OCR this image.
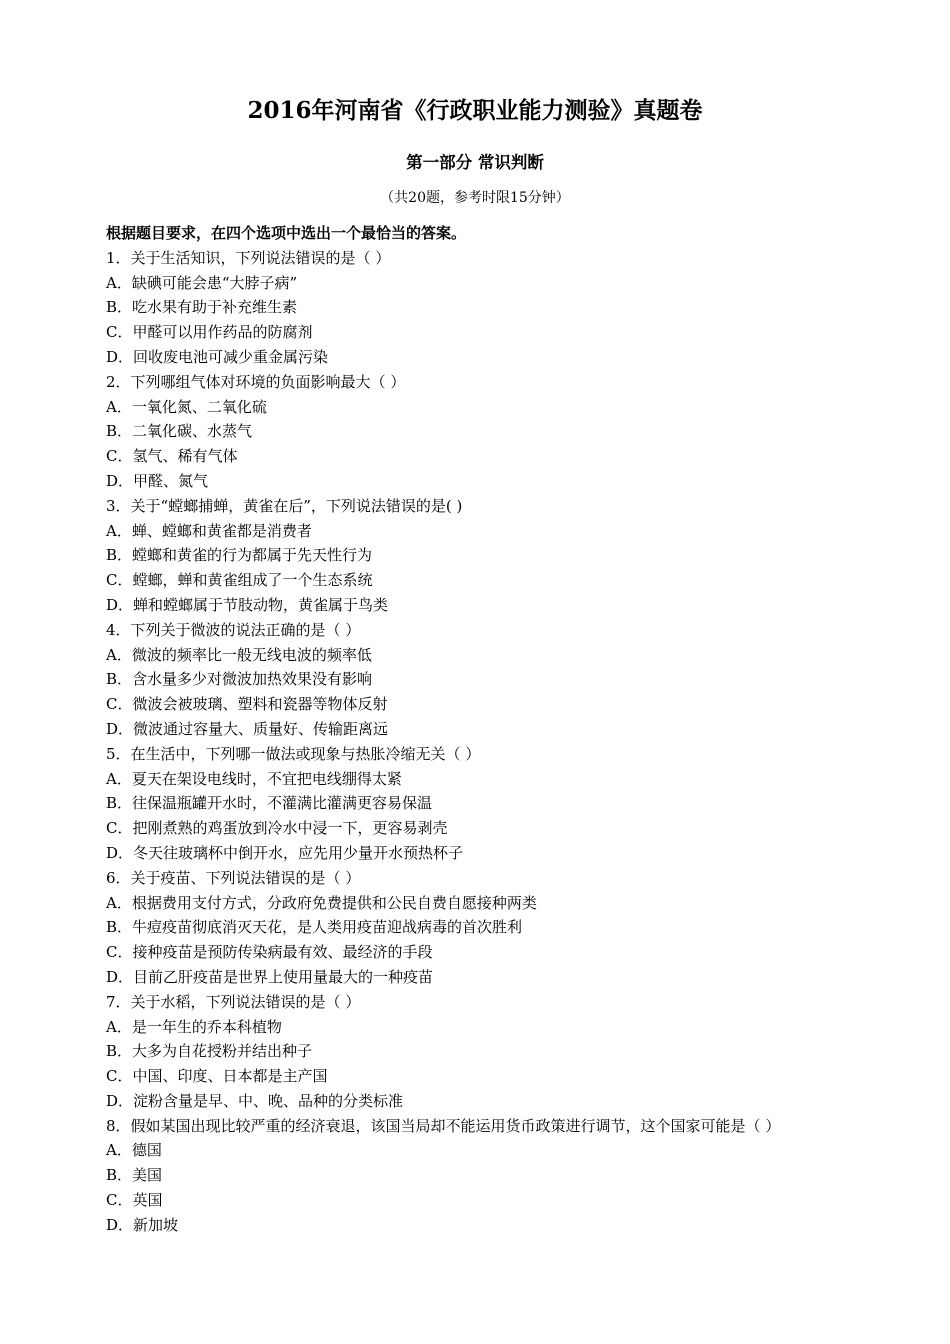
2016年河南省《行政职业能力测验》真题卷
第一部分 常识判断
（共20题，参考时限15分钟）
根据题目要求，在四个选项中选出一个最恰当的答案。
1．关于生活知识，下列说法错误的是（ ）
A．缺碘可能会患“大脖子病”
B．吃水果有助于补充维生素
C．甲醛可以用作药品的防腐剂
D．回收废电池可减少重金属污染
2．下列哪组气体对环境的负面影响最大（ ）
A．一氧化氮、二氧化硫
B．二氧化碳、水蒸气
C．氢气、稀有气体
D．甲醛、氮气
3．关于“螳螂捕蝉，黄雀在后”，下列说法错误的是( )
A．蝉、螳螂和黄雀都是消费者
B．螳螂和黄雀的行为都属于先天性行为
C．螳螂，蝉和黄雀组成了一个生态系统
D．蝉和螳螂属于节肢动物，黄雀属于鸟类
4．下列关于微波的说法正确的是（ ）
A．微波的频率比一般无线电波的频率低
B．含水量多少对微波加热效果没有影响
C．微波会被玻璃、塑料和瓷器等物体反射
D．微波通过容量大、质量好、传输距离远
5．在生活中，下列哪一做法或现象与热胀冷缩无关（ ）
A．夏天在架设电线时，不宜把电线绷得太紧
B．往保温瓶罐开水时，不灌满比灌满更容易保温
C．把刚煮熟的鸡蛋放到冷水中浸一下，更容易剥壳
D．冬天往玻璃杯中倒开水，应先用少量开水预热杯子
6．关于疫苗、下列说法错误的是（ ）
A．根据费用支付方式，分政府免费提供和公民自费自愿接种两类
B．牛痘疫苗彻底消灭天花，是人类用疫苗迎战病毒的首次胜利
C．接种疫苗是预防传染病最有效、最经济的手段
D．目前乙肝疫苗是世界上使用量最大的一种疫苗
7．关于水稻，下列说法错误的是（ ）
A．是一年生的乔本科植物
B．大多为自花授粉并结出种子
C．中国、印度、日本都是主产国
D．淀粉含量是早、中、晚、品种的分类标准
8．假如某国出现比较严重的经济衰退，该国当局却不能运用货币政策进行调节，这个国家可能是（ ）
A．德国
B．美国
C．英国
D．新加坡
